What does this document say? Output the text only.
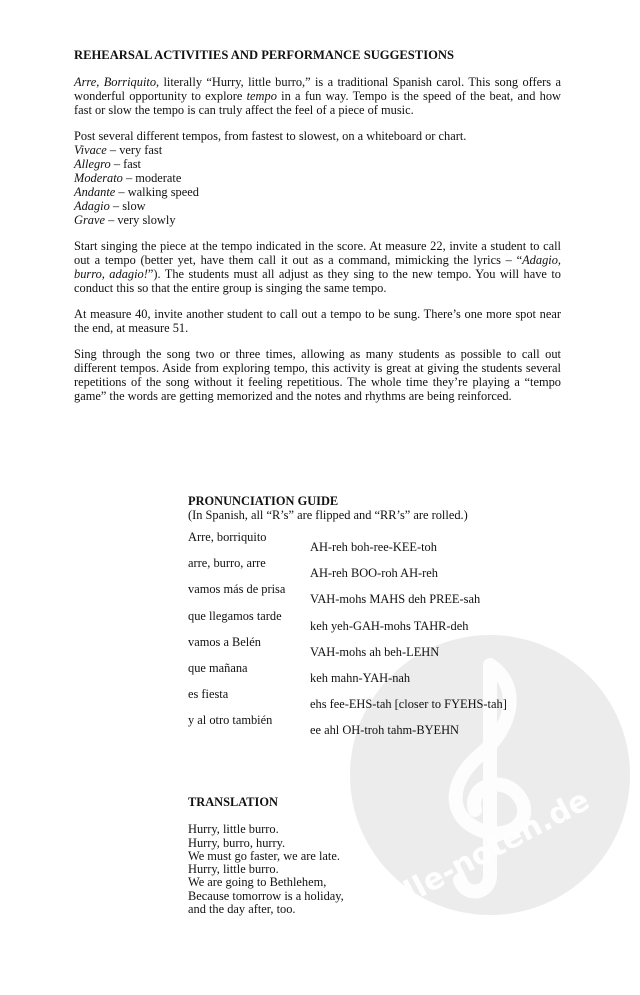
alle-noten.de
REHEARSAL ACTIVITIES AND PERFORMANCE SUGGESTIONS

Arre, Borriquito, literally “Hurry, little burro,” is a traditional Spanish carol. This song offers a wonderful opportunity to explore tempo in a fun way. Tempo is the speed of the beat, and how fast or slow the tempo is can truly affect the feel of a piece of music.

Post several different tempos, from fastest to slowest, on a whiteboard or chart.
Vivace – very fast
Allegro – fast
Moderato – moderate
Andante – walking speed
Adagio – slow
Grave – very slowly

Start singing the piece at the tempo indicated in the score. At measure 22, invite a student to call out a tempo (better yet, have them call it out as a command, mimicking the lyrics – “Adagio, burro, adagio!”). The students must all adjust as they sing to the new tempo. You will have to conduct this so that the entire group is singing the same tempo.

At measure 40, invite another student to call out a tempo to be sung. There’s one more spot near the end, at measure 51.

Sing through the song two or three times, allowing as many students as possible to call out different tempos. Aside from exploring tempo, this activity is great at giving the students several repetitions of the song without it feeling repetitious. The whole time they’re playing a “tempo game” the words are getting memorized and the notes and rhythms are being reinforced.

PRONUNCIATION GUIDE
(In Spanish, all “R’s” are flipped and “RR’s” are rolled.)
Arre, borriquito
AH-reh boh-ree-KEE-toh
arre, burro, arre
AH-reh BOO-roh AH-reh
vamos más de prisa
VAH-mohs MAHS deh PREE-sah
que llegamos tarde
keh yeh-GAH-mohs TAHR-deh
vamos a Belén
VAH-mohs ah beh-LEHN
que mañana
keh mahn-YAH-nah
es fiesta
ehs fee-EHS-tah [closer to FYEHS-tah]
y al otro también
ee ahl OH-troh tahm-BYEHN
TRANSLATION
Hurry, little burro.
Hurry, burro, hurry.
We must go faster, we are late.
Hurry, little burro.
We are going to Bethlehem,
Because tomorrow is a holiday,
and the day after, too.
